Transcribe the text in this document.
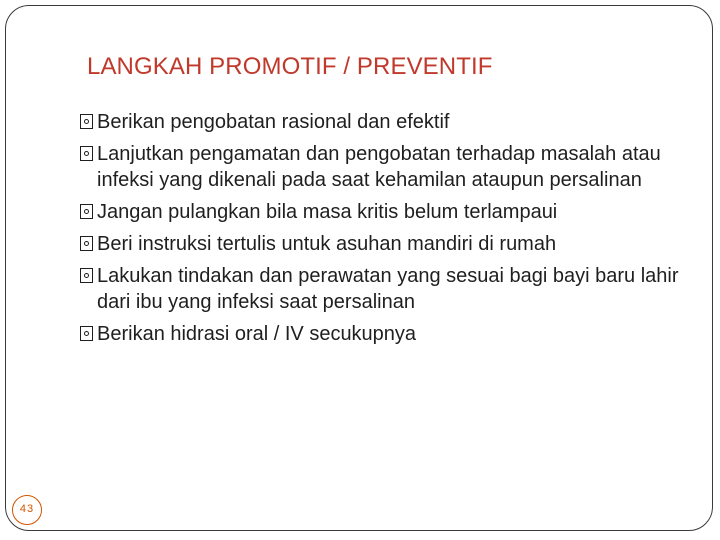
LANGKAH PROMOTIF / PREVENTIF
Berikan pengobatan rasional dan efektif
Lanjutkan pengamatan dan pengobatan terhadap masalah atau infeksi yang dikenali pada saat kehamilan ataupun persalinan
Jangan pulangkan bila masa kritis belum terlampaui
Beri instruksi tertulis untuk asuhan mandiri di rumah
Lakukan tindakan dan perawatan yang sesuai bagi bayi baru lahir dari ibu yang infeksi saat persalinan
Berikan hidrasi oral / IV secukupnya
43
